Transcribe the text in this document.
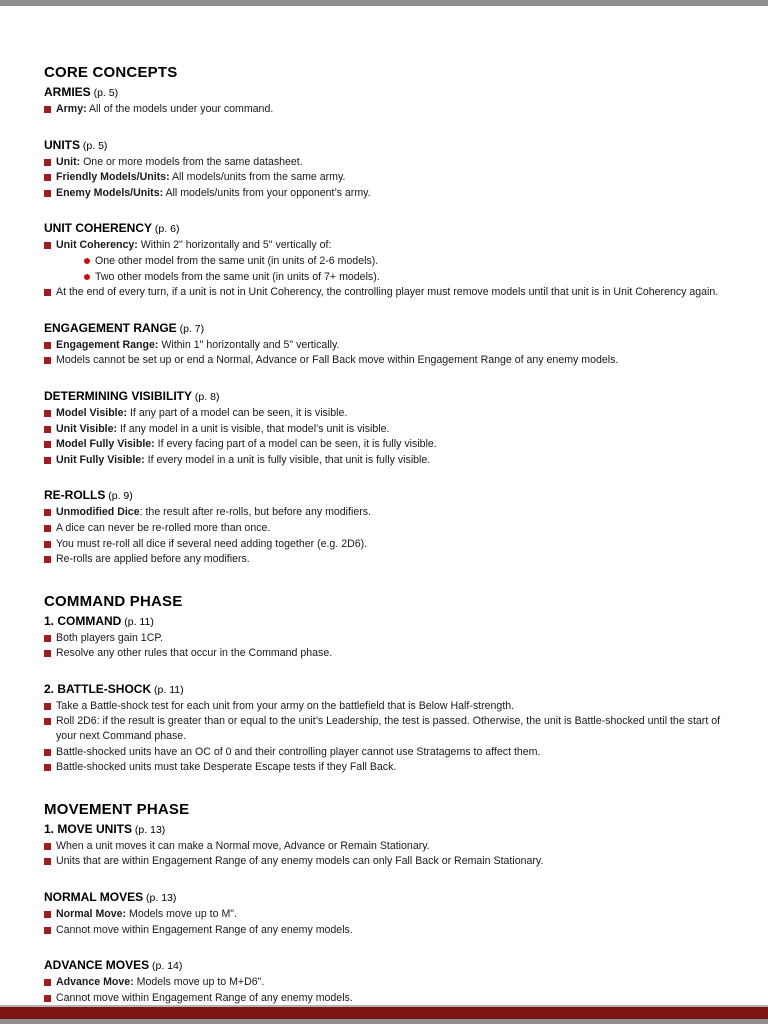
CORE CONCEPTS
ARMIES (p. 5)
Army: All of the models under your command.
UNITS (p. 5)
Unit: One or more models from the same datasheet.
Friendly Models/Units: All models/units from the same army.
Enemy Models/Units: All models/units from your opponent’s army.
UNIT COHERENCY (p. 6)
Unit Coherency: Within 2" horizontally and 5" vertically of:
One other model from the same unit (in units of 2-6 models).
Two other models from the same unit (in units of 7+ models).
At the end of every turn, if a unit is not in Unit Coherency, the controlling player must remove models until that unit is in Unit Coherency again.
ENGAGEMENT RANGE (p. 7)
Engagement Range: Within 1" horizontally and 5" vertically.
Models cannot be set up or end a Normal, Advance or Fall Back move within Engagement Range of any enemy models.
DETERMINING VISIBILITY (p. 8)
Model Visible: If any part of a model can be seen, it is visible.
Unit Visible: If any model in a unit is visible, that model’s unit is visible.
Model Fully Visible: If every facing part of a model can be seen, it is fully visible.
Unit Fully Visible: If every model in a unit is fully visible, that unit is fully visible.
RE-ROLLS (p. 9)
Unmodified Dice: the result after re-rolls, but before any modifiers.
A dice can never be re-rolled more than once.
You must re-roll all dice if several need adding together (e.g. 2D6).
Re-rolls are applied before any modifiers.
COMMAND PHASE
1. COMMAND (p. 11)
Both players gain 1CP.
Resolve any other rules that occur in the Command phase.
2. BATTLE-SHOCK (p. 11)
Take a Battle-shock test for each unit from your army on the battlefield that is Below Half-strength.
Roll 2D6: if the result is greater than or equal to the unit’s Leadership, the test is passed. Otherwise, the unit is Battle-shocked until the start of your next Command phase.
Battle-shocked units have an OC of 0 and their controlling player cannot use Stratagems to affect them.
Battle-shocked units must take Desperate Escape tests if they Fall Back.
MOVEMENT PHASE
1. MOVE UNITS (p. 13)
When a unit moves it can make a Normal move, Advance or Remain Stationary.
Units that are within Engagement Range of any enemy models can only Fall Back or Remain Stationary.
NORMAL MOVES (p. 13)
Normal Move: Models move up to M".
Cannot move within Engagement Range of any enemy models.
ADVANCE MOVES (p. 14)
Advance Move: Models move up to M+D6".
Cannot move within Engagement Range of any enemy models.
